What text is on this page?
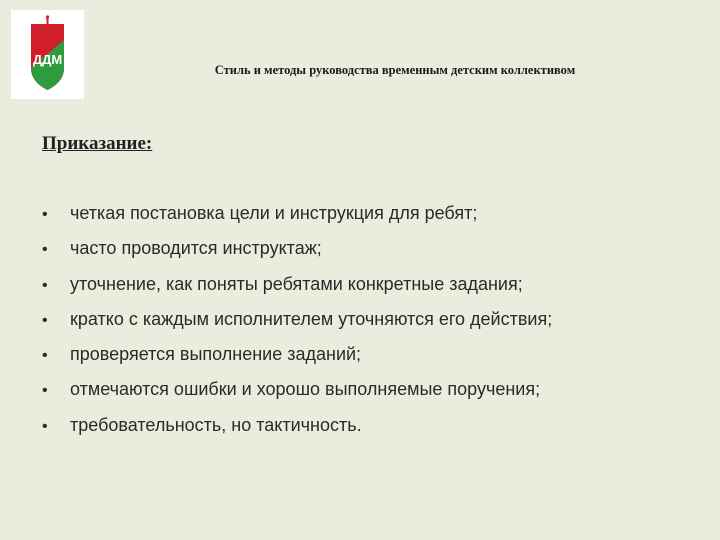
ДДМ
Стиль и методы руководства временным детским коллективом
Приказание:
•	четкая постановка цели и инструкция для ребят;
•	часто проводится инструктаж;
•	уточнение, как поняты ребятами конкретные задания;
•	кратко с каждым исполнителем уточняются его действия;
•	проверяется выполнение заданий;
•	отмечаются ошибки и хорошо выполняемые поручения;
•	требовательность, но тактичность.
